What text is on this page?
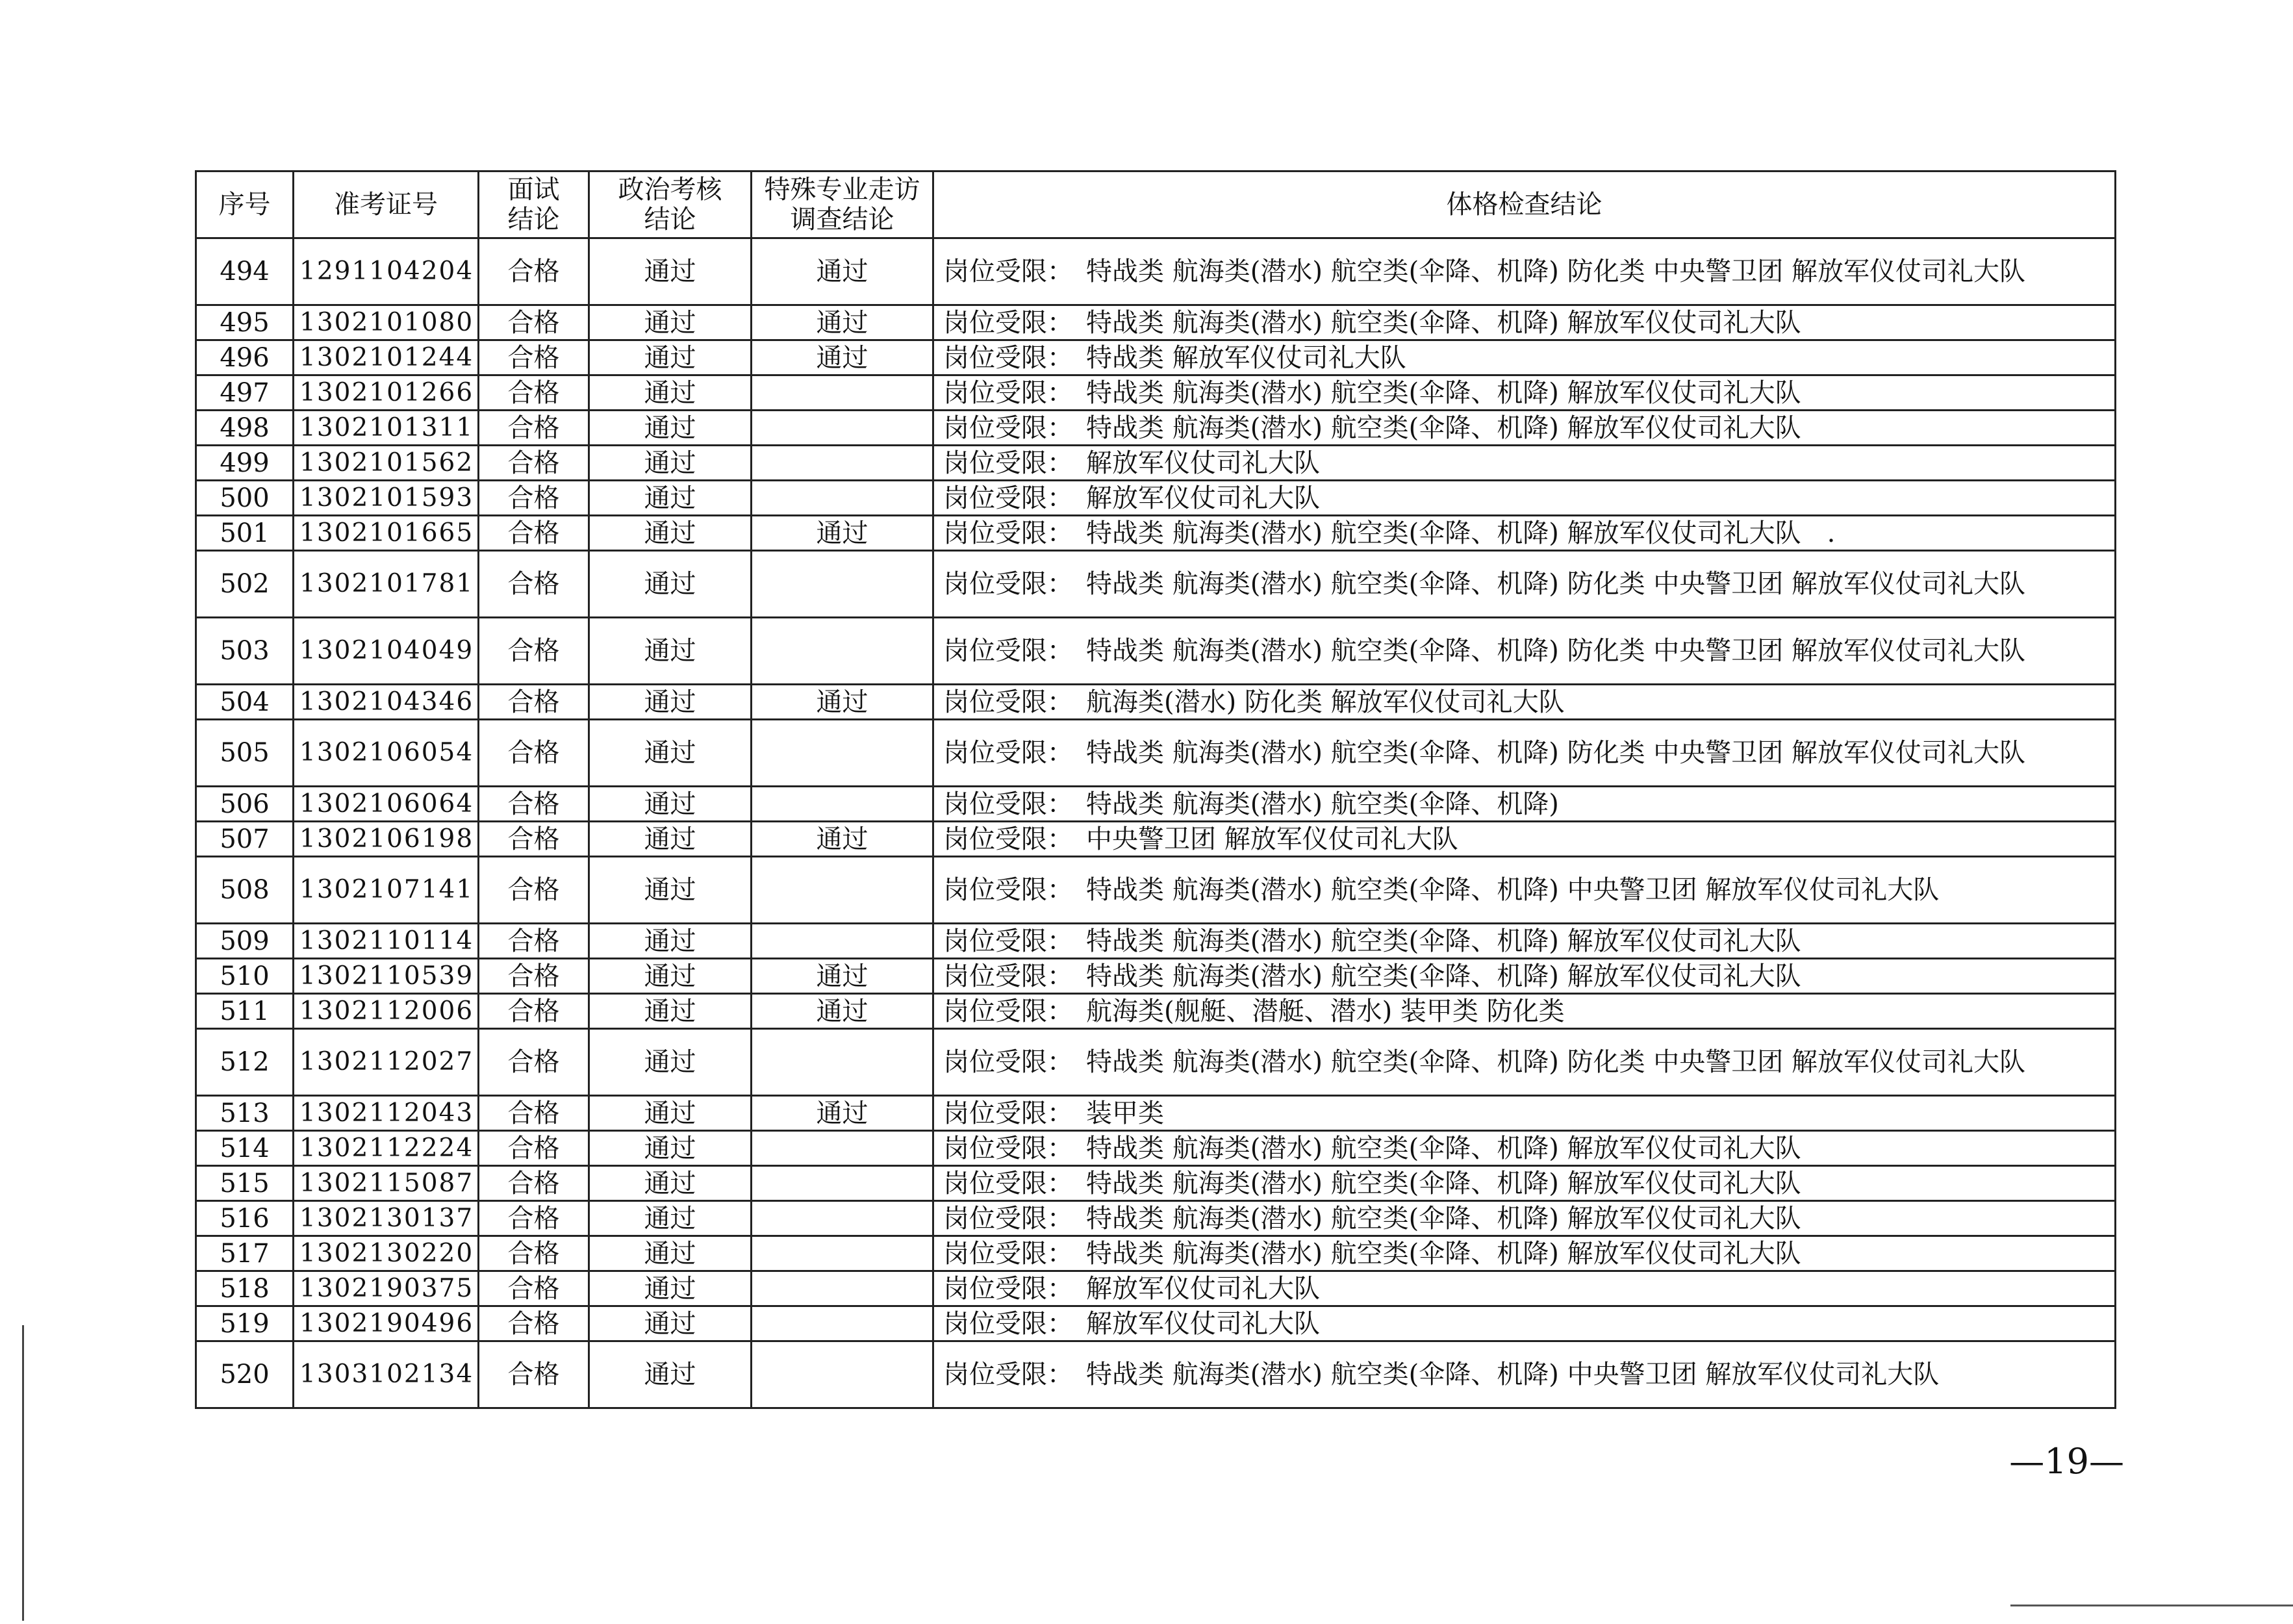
序号	准考证号	面试结论	政治考核结论	特殊专业走访调查结论	体格检查结论
494	1291104204	合格	通过	通过	岗位受限：　特战类 航海类(潜水) 航空类(伞降、机降) 防化类 中央警卫团 解放军仪仗司礼大队
495	1302101080	合格	通过	通过	岗位受限：　特战类 航海类(潜水) 航空类(伞降、机降) 解放军仪仗司礼大队
496	1302101244	合格	通过	通过	岗位受限：　特战类 解放军仪仗司礼大队
497	1302101266	合格	通过		岗位受限：　特战类 航海类(潜水) 航空类(伞降、机降) 解放军仪仗司礼大队
498	1302101311	合格	通过		岗位受限：　特战类 航海类(潜水) 航空类(伞降、机降) 解放军仪仗司礼大队
499	1302101562	合格	通过		岗位受限：　解放军仪仗司礼大队
500	1302101593	合格	通过		岗位受限：　解放军仪仗司礼大队
501	1302101665	合格	通过	通过	岗位受限：　特战类 航海类(潜水) 航空类(伞降、机降) 解放军仪仗司礼大队　.
502	1302101781	合格	通过		岗位受限：　特战类 航海类(潜水) 航空类(伞降、机降) 防化类 中央警卫团 解放军仪仗司礼大队
503	1302104049	合格	通过		岗位受限：　特战类 航海类(潜水) 航空类(伞降、机降) 防化类 中央警卫团 解放军仪仗司礼大队
504	1302104346	合格	通过	通过	岗位受限：　航海类(潜水) 防化类 解放军仪仗司礼大队
505	1302106054	合格	通过		岗位受限：　特战类 航海类(潜水) 航空类(伞降、机降) 防化类 中央警卫团 解放军仪仗司礼大队
506	1302106064	合格	通过		岗位受限：　特战类 航海类(潜水) 航空类(伞降、机降)
507	1302106198	合格	通过	通过	岗位受限：　中央警卫团 解放军仪仗司礼大队
508	1302107141	合格	通过		岗位受限：　特战类 航海类(潜水) 航空类(伞降、机降) 中央警卫团 解放军仪仗司礼大队
509	1302110114	合格	通过		岗位受限：　特战类 航海类(潜水) 航空类(伞降、机降) 解放军仪仗司礼大队
510	1302110539	合格	通过	通过	岗位受限：　特战类 航海类(潜水) 航空类(伞降、机降) 解放军仪仗司礼大队
511	1302112006	合格	通过	通过	岗位受限：　航海类(舰艇、潜艇、潜水) 装甲类 防化类
512	1302112027	合格	通过		岗位受限：　特战类 航海类(潜水) 航空类(伞降、机降) 防化类 中央警卫团 解放军仪仗司礼大队
513	1302112043	合格	通过	通过	岗位受限：　装甲类
514	1302112224	合格	通过		岗位受限：　特战类 航海类(潜水) 航空类(伞降、机降) 解放军仪仗司礼大队
515	1302115087	合格	通过		岗位受限：　特战类 航海类(潜水) 航空类(伞降、机降) 解放军仪仗司礼大队
516	1302130137	合格	通过		岗位受限：　特战类 航海类(潜水) 航空类(伞降、机降) 解放军仪仗司礼大队
517	1302130220	合格	通过		岗位受限：　特战类 航海类(潜水) 航空类(伞降、机降) 解放军仪仗司礼大队
518	1302190375	合格	通过		岗位受限：　解放军仪仗司礼大队
519	1302190496	合格	通过		岗位受限：　解放军仪仗司礼大队
520	1303102134	合格	通过		岗位受限：　特战类 航海类(潜水) 航空类(伞降、机降) 中央警卫团 解放军仪仗司礼大队
—19—
